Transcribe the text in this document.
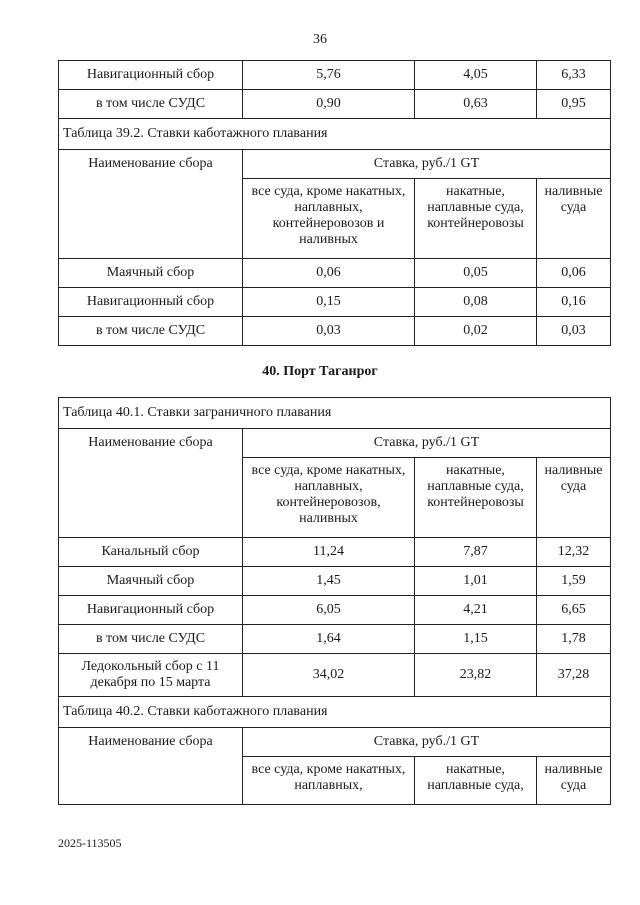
36
Навигационный сбор	5,76	4,05	6,33
в том числе СУДС	0,90	0,63	0,95
Таблица 39.2. Ставки каботажного плавания			
Наименование сбора	Ставка, руб./1 GT		
	все суда, кроме накатных, наплавных, контейнеровозов и наливных	накатные, наплавные суда, контейнеровозы	наливные суда
Маячный сбор	0,06	0,05	0,06
Навигационный сбор	0,15	0,08	0,16
в том числе СУДС	0,03	0,02	0,03
40. Порт Таганрог
Таблица 40.1. Ставки заграничного плавания			
Наименование сбора	Ставка, руб./1 GT		
	все суда, кроме накатных, наплавных, контейнеровозов, наливных	накатные, наплавные суда, контейнеровозы	наливные суда
Канальный сбор	11,24	7,87	12,32
Маячный сбор	1,45	1,01	1,59
Навигационный сбор	6,05	4,21	6,65
в том числе СУДС	1,64	1,15	1,78
Ледокольный сбор с 11 декабря по 15 марта	34,02	23,82	37,28
Таблица 40.2. Ставки каботажного плавания			
Наименование сбора	Ставка, руб./1 GT		
	все суда, кроме накатных, наплавных,	накатные, наплавные суда,	наливные суда
2025-113505
